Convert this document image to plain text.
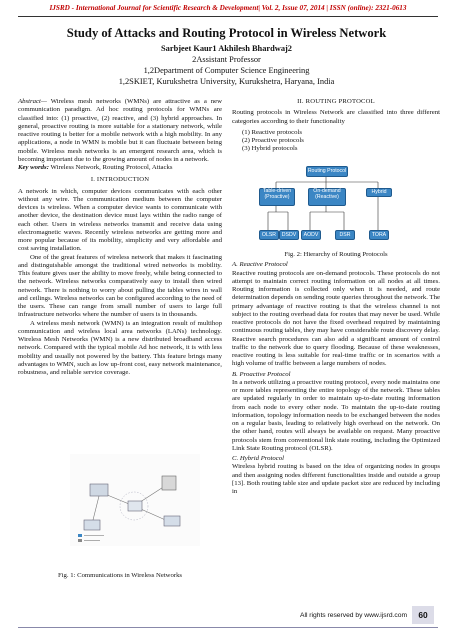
IJSRD - International Journal for Scientific Research & Development| Vol. 2, Issue 07, 2014 | ISSN (online): 2321-0613
Study of Attacks and Routing Protocol in Wireless Network
Sarbjeet Kaur1 Akhilesh Bhardwaj2
2Assistant Professor
1,2Department of Computer Science Engineering
1,2SKIET, Kurukshetra University, Kurukshetra, Haryana, India

Abstract— Wireless mesh networks (WMNs) are attractive as a new communication paradigm. Ad hoc routing protocols for WMNs are classified into: (1) proactive, (2) reactive, and (3) hybrid approaches. In general, proactive routing is more suitable for a stationary network, while reactive routing is better for a mobile network with a high mobility. In any applications, a node in WMN is mobile but it can fluctuate between being mobile. Wireless mesh networks is an emergent research area, which is becoming important due to the growing amount of nodes in a network.

Key words: Wireless Network, Routing Protocol, Attacks

I. INTRODUCTION

A network in which, computer devices communicates with each other without any wire. The communication medium between the computer devices is wireless. When a computer device wants to communicate with another device, the destination device must lays within the radio range of each other. Users in wireless networks transmit and receive data using electromagnetic waves. Recently wireless networks are getting more and more popular because of its mobility, simplicity and very affordable and cost saving installation.

One of the great features of wireless network that makes it fascinating and distinguishable amongst the traditional wired networks is mobility. This feature gives user the ability to move freely, while being connected to the network. Wireless networks comparatively easy to install then wired network. There is nothing to worry about pulling the tables wires in wall and ceilings. Wireless networks can be configured according to the need of the users. These can range from small number of users to large full infrastructure networks where the number of users is in thousands.

A wireless mesh network (WMN) is an integration result of multihop communication and wireless local area networks (LANs) technology. Wireless Mesh Networks (WMN) is a new distributed broadband access network. Compared with the typical mobile Ad hoc network, it is with less mobility and usually not powered by the battery. This feature brings many advantages to WMN, such as low up-front cost, easy network maintenance, robustness, and reliable service coverage.

Fig. 1: Communications in Wireless Networks
II. ROUTING PROTOCOL

Routing protocols in Wireless Network are classified into three different categories according to their functionality

(1) Reactive protocols
(2) Proactive protocols
(3) Hybrid protocols
Routing Protocol
Table-driven (Proactive)
On-demand (Reactive)
Hybrid
OLSR	DSDV	AODV	DSR	TORA
Fig. 2: Hierarchy of Routing Protocols
A. Reactive Protocol

Reactive routing protocols are on-demand protocols. These protocols do not attempt to maintain correct routing information on all nodes at all times. Routing information is collected only when it is needed, and route determination depends on sending route queries throughout the network. The primary advantage of reactive routing is that the wireless channel is not subject to the routing overhead data for routes that may never be used. While reactive protocols do not have the fixed overhead required by maintaining continuous routing tables, they may have considerable route discovery delay. Reactive search procedures can also add a significant amount of control traffic to the network due to query flooding. Because of these weaknesses, reactive routing is less suitable for real-time traffic or in scenarios with a high volume of traffic between a large numbers of nodes.

B. Proactive Protocol

In a network utilizing a proactive routing protocol, every node maintains one or more tables representing the entire topology of the network. These tables are updated regularly in order to maintain up-to-date routing information from each node to every other node. To maintain the up-to-date routing information, topology information needs to be exchanged between the nodes on a regular basis, leading to relatively high overhead on the network. On the other hand, routes will always be available on request. Many proactive protocols stem from conventional link state routing, including the Optimized Link State Routing protocol (OLSR).

C. Hybrid Protocol

Wireless hybrid routing is based on the idea of organizing nodes in groups and then assigning nodes different functionalities inside and outside a group [13]. Both routing table size and update packet size are reduced by including in

All rights reserved by www.ijsrd.com	60
